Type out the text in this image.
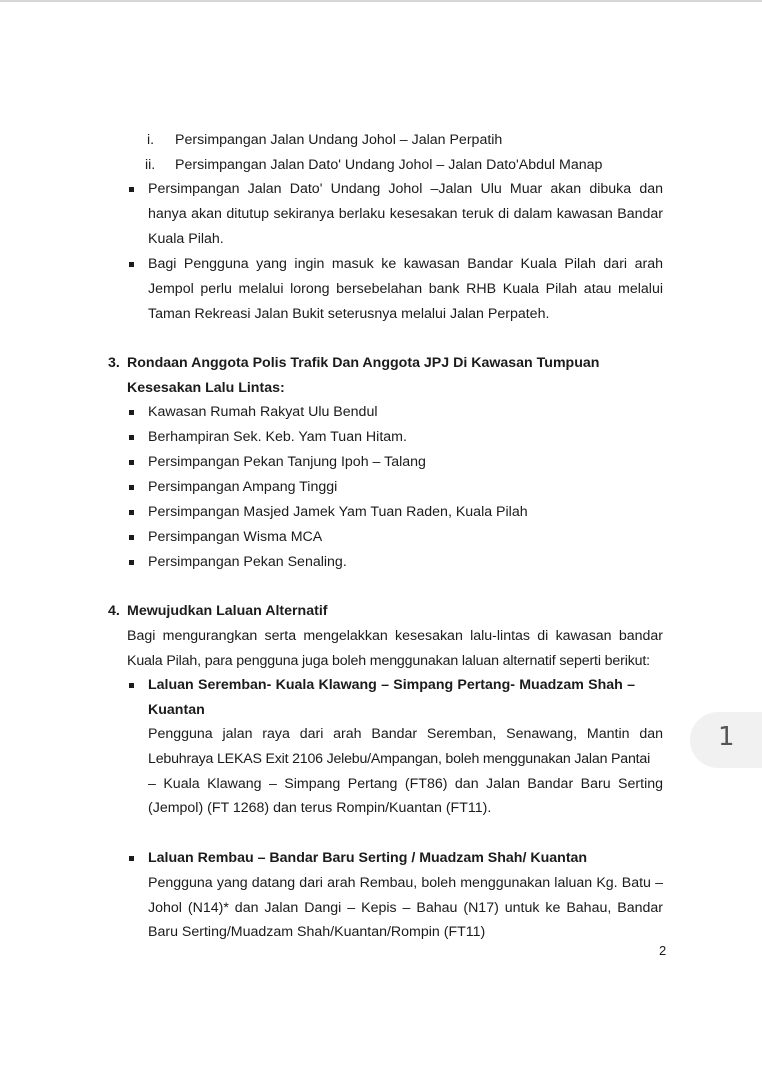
i. Persimpangan Jalan Undang Johol – Jalan Perpatih
ii. Persimpangan Jalan Dato' Undang Johol – Jalan Dato'Abdul Manap
Persimpangan Jalan Dato' Undang Johol –Jalan Ulu Muar akan dibuka dan
hanya akan ditutup sekiranya berlaku kesesakan teruk di dalam kawasan Bandar
Kuala Pilah.
Bagi Pengguna yang ingin masuk ke kawasan Bandar Kuala Pilah dari arah
Jempol perlu melalui lorong bersebelahan bank RHB Kuala Pilah atau melalui
Taman Rekreasi Jalan Bukit seterusnya melalui Jalan Perpateh.
3. Rondaan Anggota Polis Trafik Dan Anggota JPJ Di Kawasan Tumpuan
Kesesakan Lalu Lintas:
Kawasan Rumah Rakyat Ulu Bendul
Berhampiran Sek. Keb. Yam Tuan Hitam.
Persimpangan Pekan Tanjung Ipoh – Talang
Persimpangan Ampang Tinggi
Persimpangan Masjed Jamek Yam Tuan Raden, Kuala Pilah
Persimpangan Wisma MCA
Persimpangan Pekan Senaling.
4. Mewujudkan Laluan Alternatif
Bagi mengurangkan serta mengelakkan kesesakan lalu-lintas di kawasan bandar
Kuala Pilah, para pengguna juga boleh menggunakan laluan alternatif seperti berikut:
Laluan Seremban- Kuala Klawang – Simpang Pertang- Muadzam Shah –
Kuantan
Pengguna jalan raya dari arah Bandar Seremban, Senawang, Mantin dan
Lebuhraya LEKAS Exit 2106 Jelebu/Ampangan, boleh menggunakan Jalan Pantai
– Kuala Klawang – Simpang Pertang (FT86) dan Jalan Bandar Baru Serting
(Jempol) (FT 1268) dan terus Rompin/Kuantan (FT11).
Laluan Rembau – Bandar Baru Serting / Muadzam Shah/ Kuantan
Pengguna yang datang dari arah Rembau, boleh menggunakan laluan Kg. Batu –
Johol (N14)* dan Jalan Dangi – Kepis – Bahau (N17) untuk ke Bahau, Bandar
Baru Serting/Muadzam Shah/Kuantan/Rompin (FT11)
2
1
